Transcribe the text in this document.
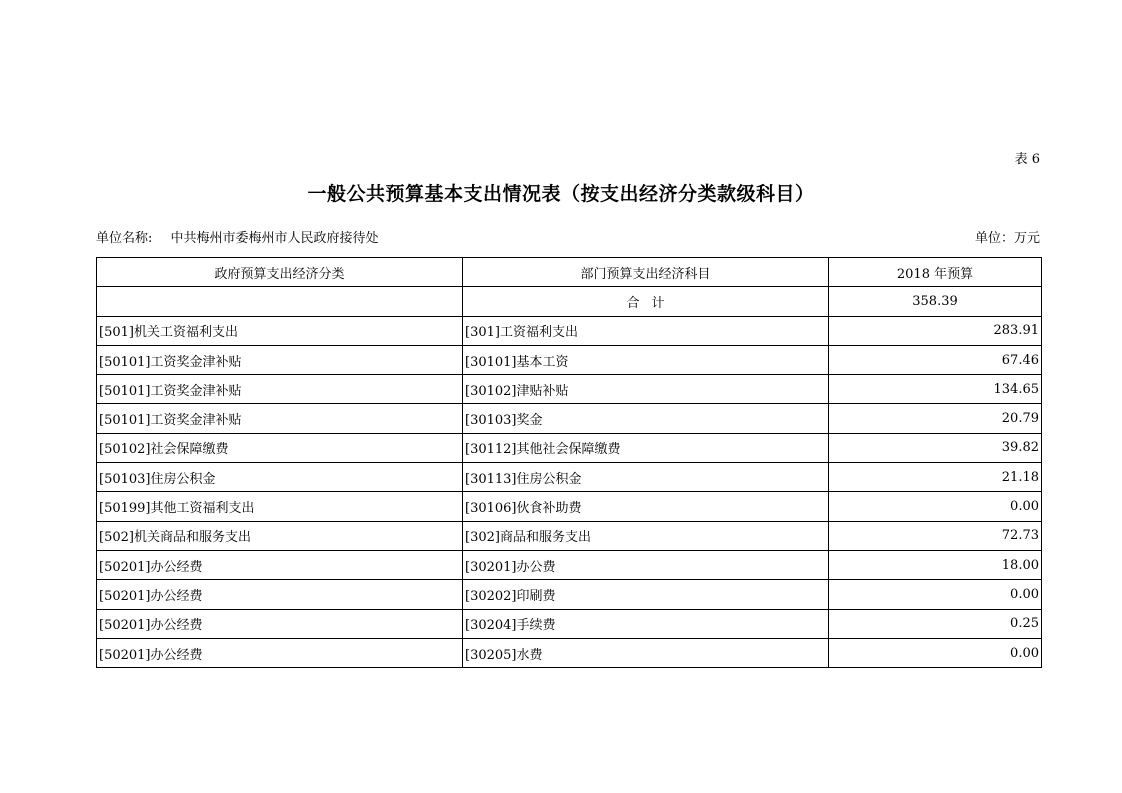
表 6
一般公共预算基本支出情况表（按支出经济分类款级科目）
单位名称: 中共梅州市委梅州市人民政府接待处	单位：万元
政府预算支出经济分类	部门预算支出经济科目	2018 年预算
	合计	358.39
[501]机关工资福利支出	[301]工资福利支出	283.91
[50101]工资奖金津补贴	[30101]基本工资	67.46
[50101]工资奖金津补贴	[30102]津贴补贴	134.65
[50101]工资奖金津补贴	[30103]奖金	20.79
[50102]社会保障缴费	[30112]其他社会保障缴费	39.82
[50103]住房公积金	[30113]住房公积金	21.18
[50199]其他工资福利支出	[30106]伙食补助费	0.00
[502]机关商品和服务支出	[302]商品和服务支出	72.73
[50201]办公经费	[30201]办公费	18.00
[50201]办公经费	[30202]印刷费	0.00
[50201]办公经费	[30204]手续费	0.25
[50201]办公经费	[30205]水费	0.00
